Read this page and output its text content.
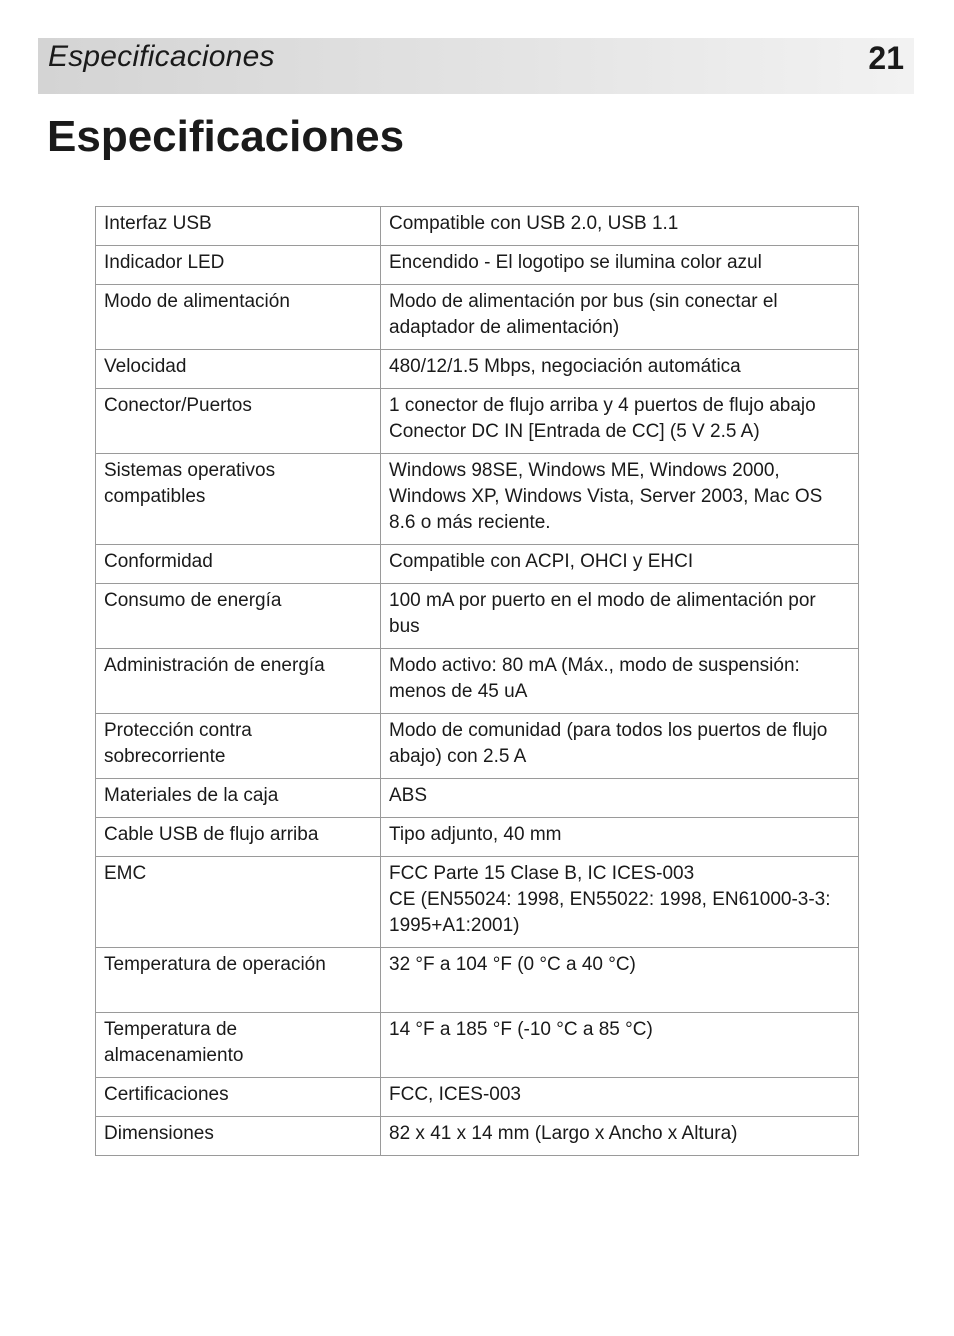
Especificaciones	21
Especificaciones
Interfaz USB	Compatible con USB 2.0, USB 1.1
Indicador LED	Encendido - El logotipo se ilumina color azul
Modo de alimentación	Modo de alimentación por bus (sin conectar el adaptador de alimentación)
Velocidad	480/12/1.5 Mbps, negociación automática
Conector/Puertos	1 conector de flujo arriba y 4 puertos de flujo abajo
Conector DC IN [Entrada de CC] (5 V 2.5 A)
Sistemas operativos compatibles	Windows 98SE, Windows ME, Windows 2000, Windows XP, Windows Vista, Server 2003, Mac OS 8.6 o más reciente.
Conformidad	Compatible con ACPI, OHCI y EHCI
Consumo de energía	100 mA por puerto en el modo de alimentación por bus
Administración de energía	Modo activo: 80 mA (Máx., modo de suspensión: menos de 45 uA
Protección contra sobrecorriente	Modo de comunidad (para todos los puertos de flujo abajo) con 2.5 A
Materiales de la caja	ABS
Cable USB de flujo arriba	Tipo adjunto, 40 mm
EMC	FCC Parte 15 Clase B, IC ICES-003
CE (EN55024: 1998, EN55022: 1998, EN61000-3-3: 1995+A1:2001)
Temperatura de operación	32 °F a 104 °F (0 °C a 40 °C)
Temperatura de almacenamiento	14 °F a 185 °F (-10 °C a 85 °C)
Certificaciones	FCC, ICES-003
Dimensiones	82 x 41 x 14 mm (Largo x Ancho x Altura)
